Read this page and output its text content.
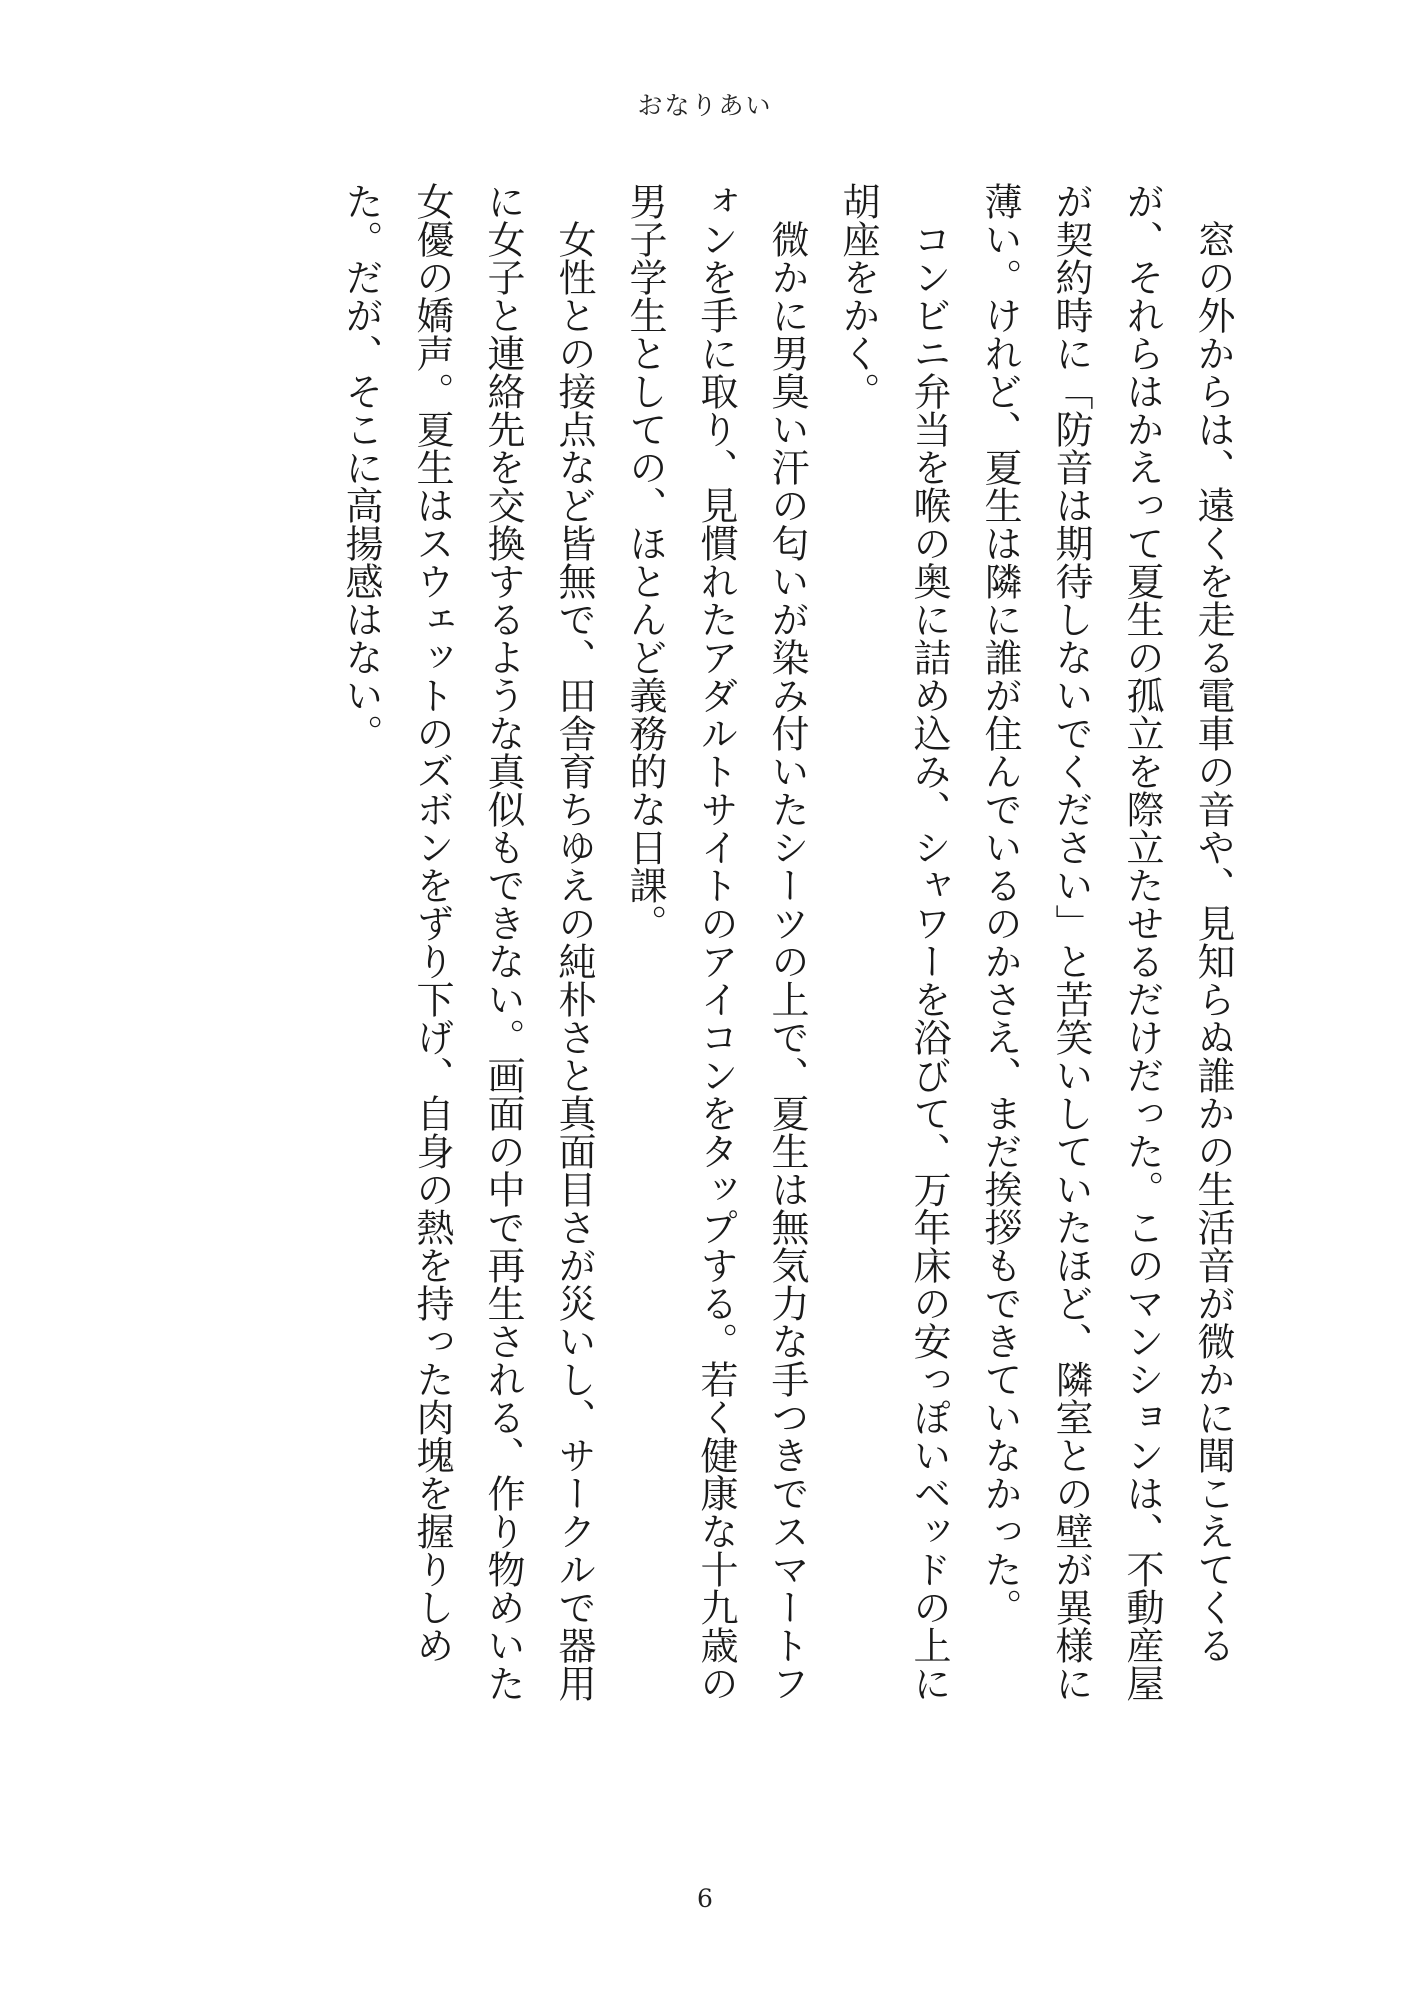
おなりあい

窓の外からは、遠くを走る電車の音や、見知らぬ誰かの生活音が微かに聞こえてくるが、それらはかえって夏生の孤立を際立たせるだけだった。このマンションは、不動産屋が契約時に「防音は期待しないでください」と苦笑いしていたほど、隣室との壁が異様に薄い。けれど、夏生は隣に誰が住んでいるのかさえ、まだ挨拶もできていなかった。

コンビニ弁当を喉の奥に詰め込み、シャワーを浴びて、万年床の安っぽいベッドの上に胡座をかく。

微かに男臭い汗の匂いが染み付いたシーツの上で、夏生は無気力な手つきでスマートフォンを手に取り、見慣れたアダルトサイトのアイコンをタップする。若く健康な十九歳の男子学生としての、ほとんど義務的な日課。

女性との接点など皆無で、田舎育ちゆえの純朴さと真面目さが災いし、サークルで器用に女子と連絡先を交換するような真似もできない。画面の中で再生される、作り物めいた女優の嬌声。夏生はスウェットのズボンをずり下げ、自身の熱を持った肉塊を握りしめた。だが、そこに高揚感はない。

6
